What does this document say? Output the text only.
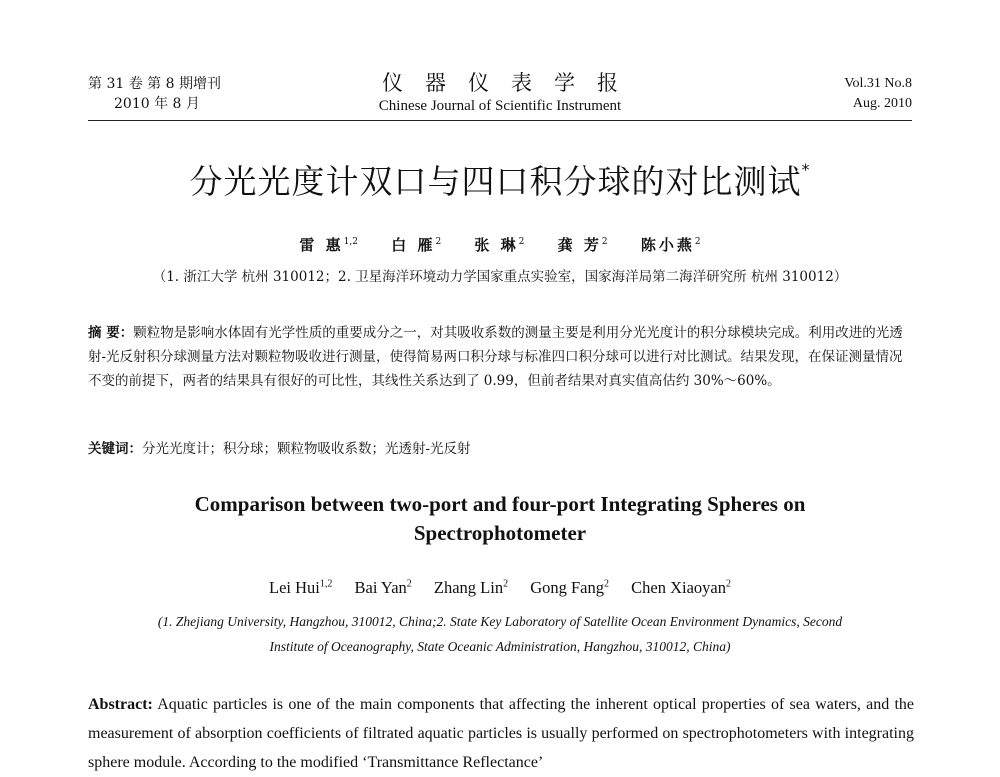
第 31 卷 第 8 期增刊
2010 年 8 月
仪器仪表学报
Chinese Journal of Scientific Instrument
Vol.31 No.8
Aug. 2010
分光光度计双口与四口积分球的对比测试*
雷 惠$^{1,2}$ 白 雁$^2$ 张 琳$^2$ 龚 芳$^2$ 陈小燕$^2$
（1. 浙江大学 杭州 310012；2. 卫星海洋环境动力学国家重点实验室，国家海洋局第二海洋研究所 杭州 310012）
摘 要：颗粒物是影响水体固有光学性质的重要成分之一，对其吸收系数的测量主要是利用分光光度计的积分球模块完成。利用改进的光透射-光反射积分球测量方法对颗粒物吸收进行测量，使得简易两口积分球与标准四口积分球可以进行对比测试。结果发现，在保证测量情况不变的前提下，两者的结果具有很好的可比性，其线性关系达到了 0.99，但前者结果对真实值高估约 30%～60%。
关键词：分光光度计；积分球；颗粒物吸收系数；光透射-光反射
Comparison between two-port and four-port Integrating Spheres on
Spectrophotometer
Lei Hui$^{1,2}$ Bai Yan$^2$ Zhang Lin$^2$ Gong Fang$^2$ Chen Xiaoyan$^2$
(1. Zhejiang University, Hangzhou, 310012, China;2. State Key Laboratory of Satellite Ocean Environment Dynamics, Second
Institute of Oceanography, State Oceanic Administration, Hangzhou, 310012, China)
Abstract: Aquatic particles is one of the main components that affecting the inherent optical properties of sea waters, and the measurement of absorption coefficients of filtrated aquatic particles is usually performed on spectrophotometers with integrating sphere module. According to the modified ‘Transmittance Reflectance’
